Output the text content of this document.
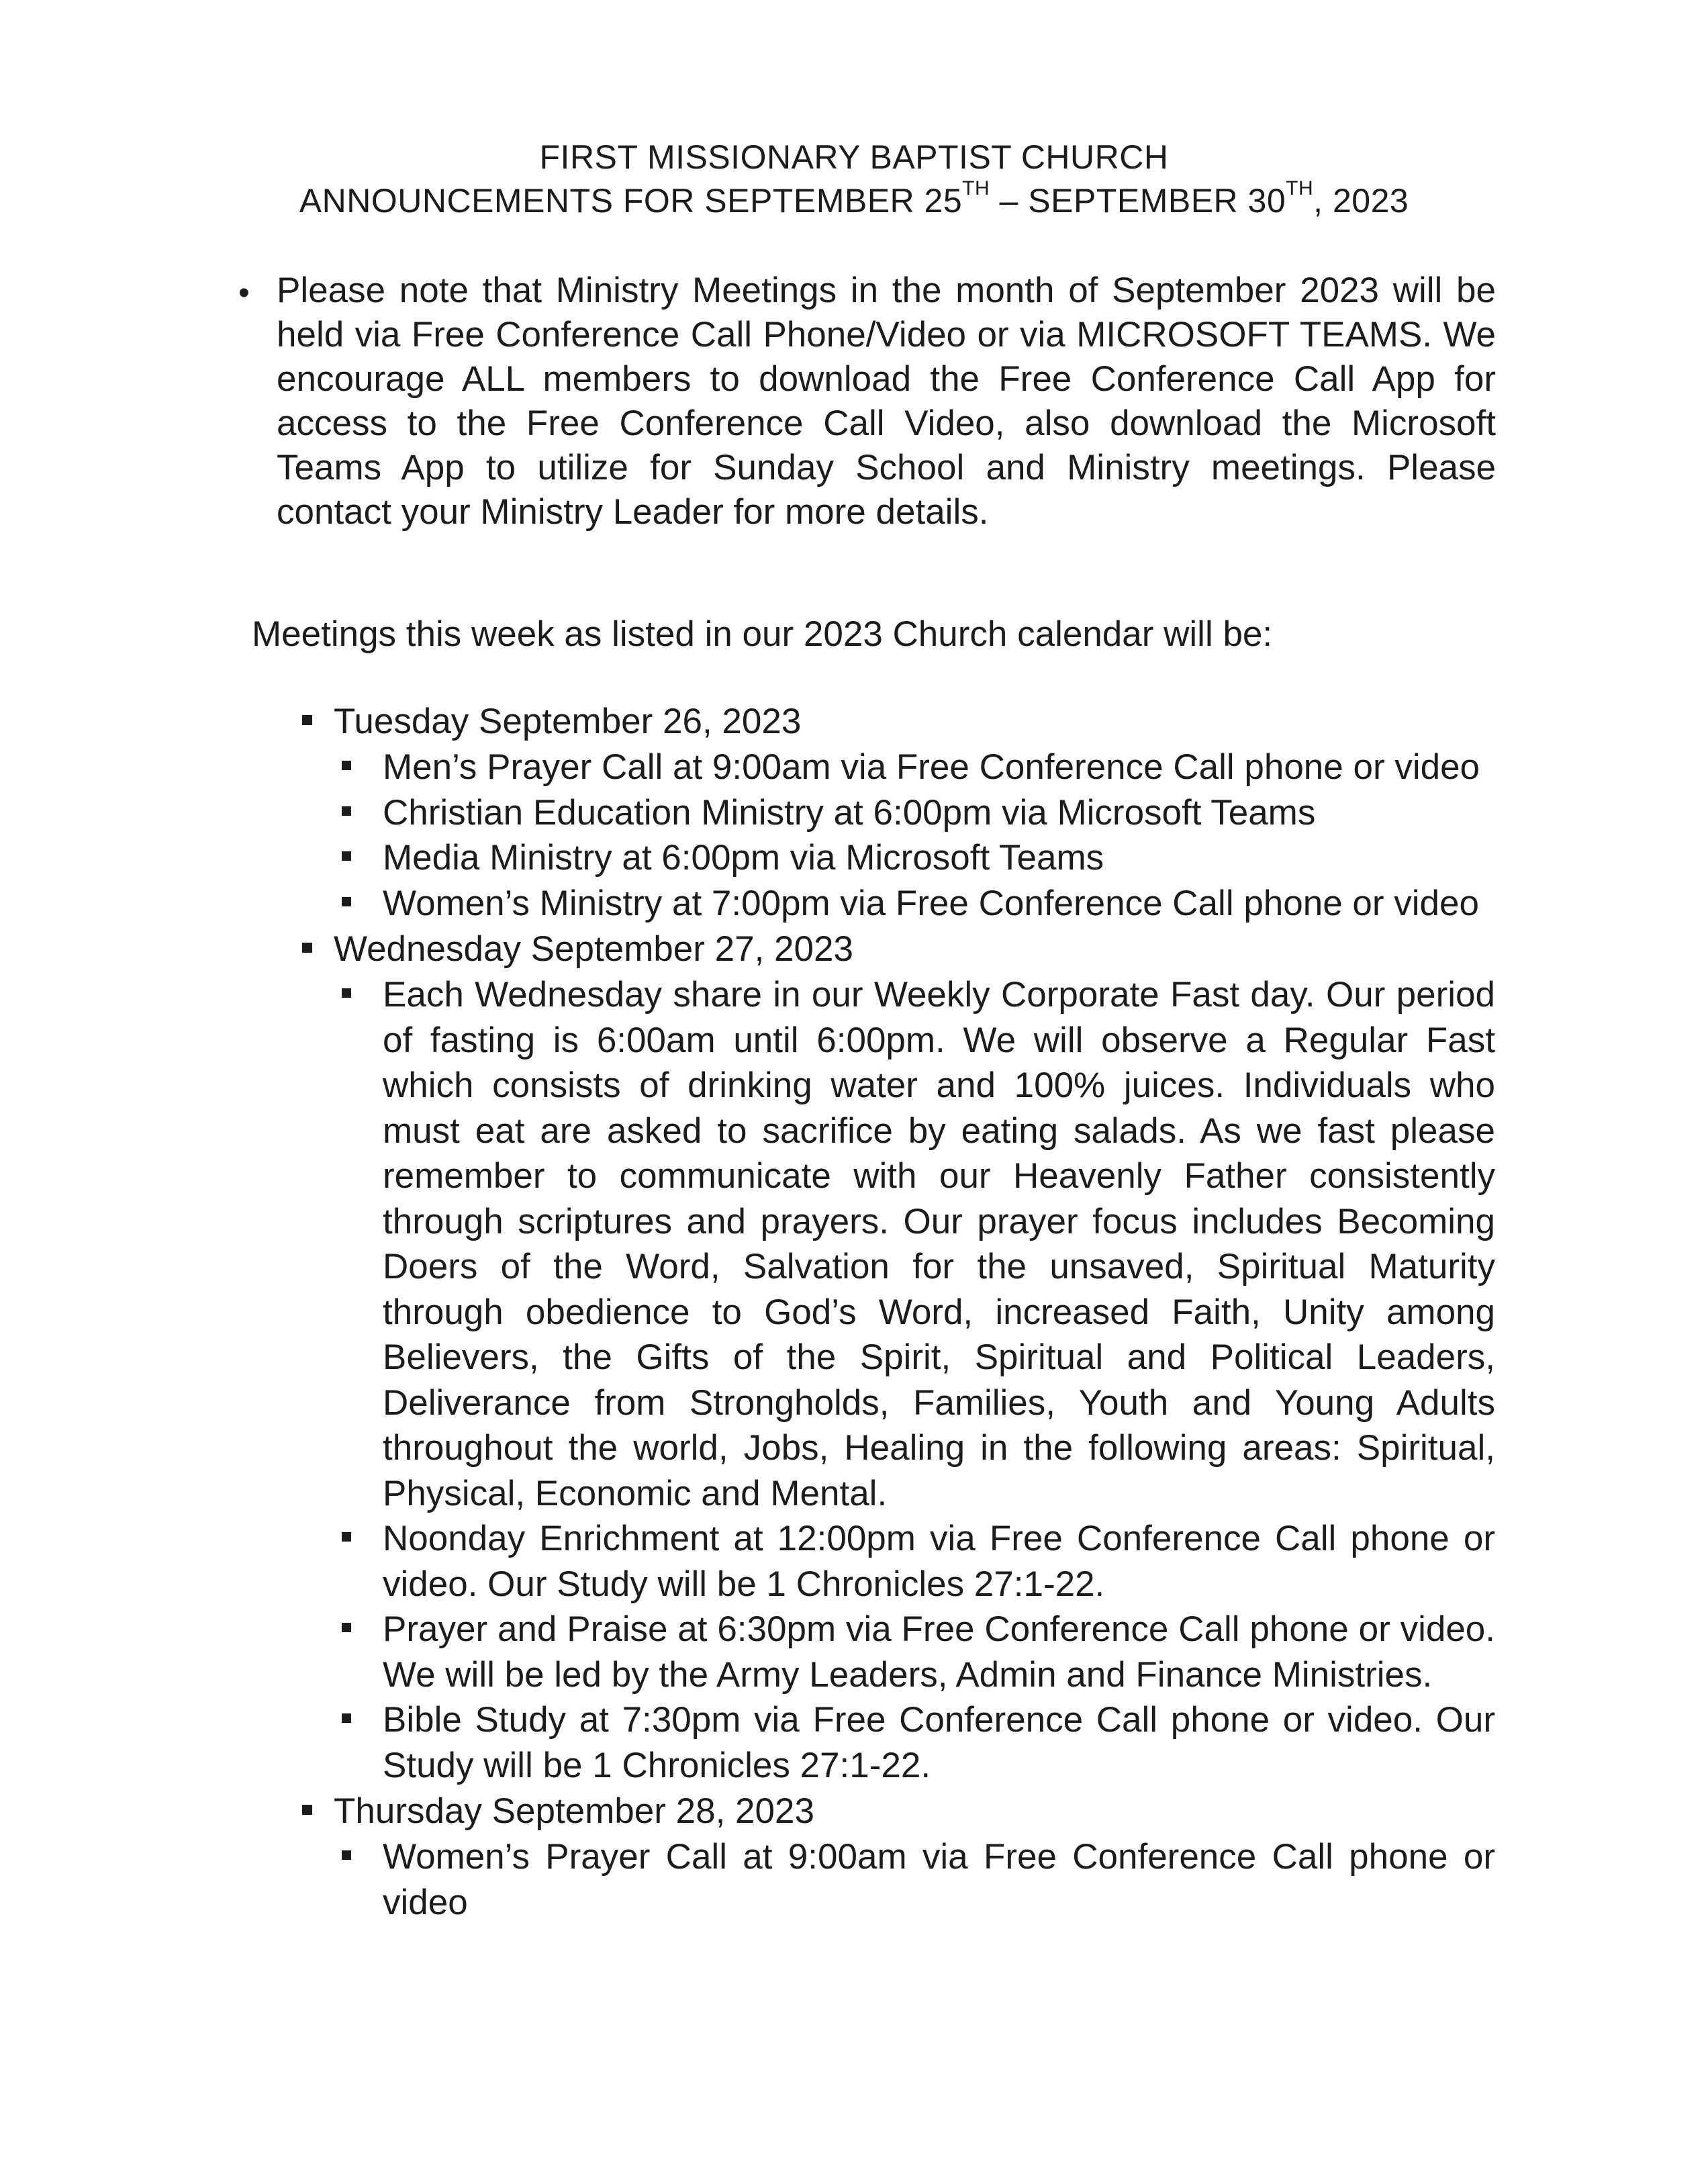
FIRST MISSIONARY BAPTIST CHURCH
ANNOUNCEMENTS FOR SEPTEMBER 25TH – SEPTEMBER 30TH, 2023
• Please note that Ministry Meetings in the month of September 2023 will be held via Free Conference Call Phone/Video or via MICROSOFT TEAMS. We encourage ALL members to download the Free Conference Call App for access to the Free Conference Call Video, also download the Microsoft Teams App to utilize for Sunday School and Ministry meetings. Please contact your Ministry Leader for more details.
Meetings this week as listed in our 2023 Church calendar will be:
Tuesday September 26, 2023
Men’s Prayer Call at 9:00am via Free Conference Call phone or video
Christian Education Ministry at 6:00pm via Microsoft Teams
Media Ministry at 6:00pm via Microsoft Teams
Women’s Ministry at 7:00pm via Free Conference Call phone or video
Wednesday September 27, 2023
Each Wednesday share in our Weekly Corporate Fast day. Our period of fasting is 6:00am until 6:00pm. We will observe a Regular Fast which consists of drinking water and 100% juices. Individuals who must eat are asked to sacrifice by eating salads. As we fast please remember to communicate with our Heavenly Father consistently through scriptures and prayers. Our prayer focus includes Becoming Doers of the Word, Salvation for the unsaved, Spiritual Maturity through obedience to God’s Word, increased Faith, Unity among Believers, the Gifts of the Spirit, Spiritual and Political Leaders, Deliverance from Strongholds, Families, Youth and Young Adults throughout the world, Jobs, Healing in the following areas: Spiritual, Physical, Economic and Mental.
Noonday Enrichment at 12:00pm via Free Conference Call phone or video. Our Study will be 1 Chronicles 27:1-22.
Prayer and Praise at 6:30pm via Free Conference Call phone or video. We will be led by the Army Leaders, Admin and Finance Ministries.
Bible Study at 7:30pm via Free Conference Call phone or video. Our Study will be 1 Chronicles 27:1-22.
Thursday September 28, 2023
Women’s Prayer Call at 9:00am via Free Conference Call phone or video
